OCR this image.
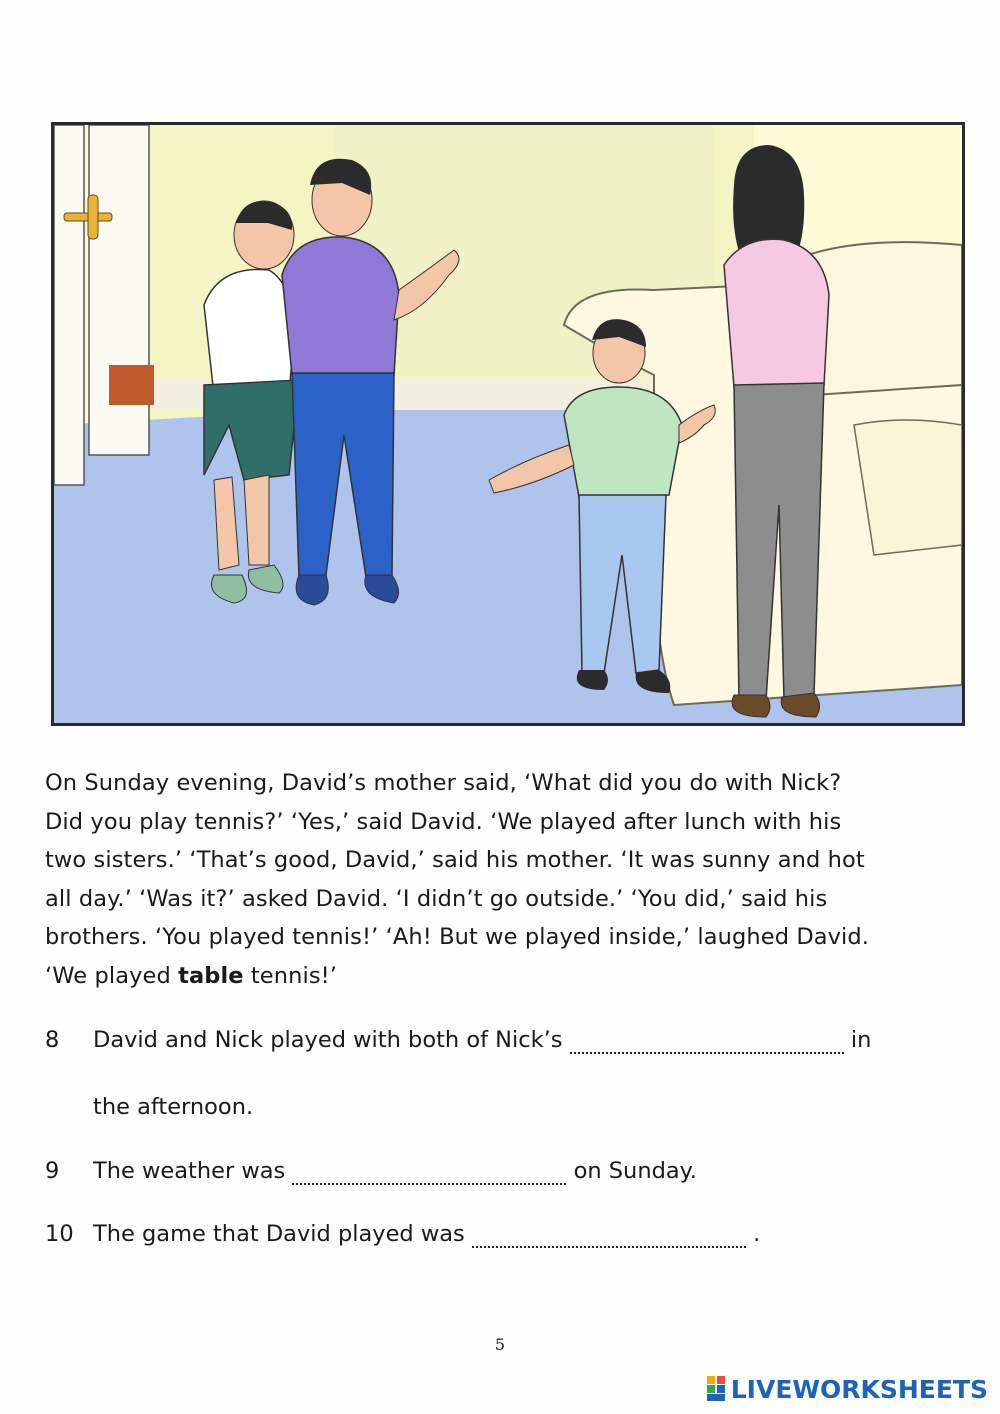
On Sunday evening, David’s mother said, ‘What did you do with Nick?

Did you play tennis?’ ‘Yes,’ said David. ‘We played after lunch with his

two sisters.’ ‘That’s good, David,’ said his mother. ‘It was sunny and hot

all day.’ ‘Was it?’ asked David. ‘I didn’t go outside.’ ‘You did,’ said his

brothers. ‘You played tennis!’ ‘Ah! But we played inside,’ laughed David.

‘We played table tennis!’

8 David and Nick played with both of Nick’s	in
the afternoon.
9 The weather was	on Sunday.
10 The game that David played was	.
5
LIVEWORKSHEETS
